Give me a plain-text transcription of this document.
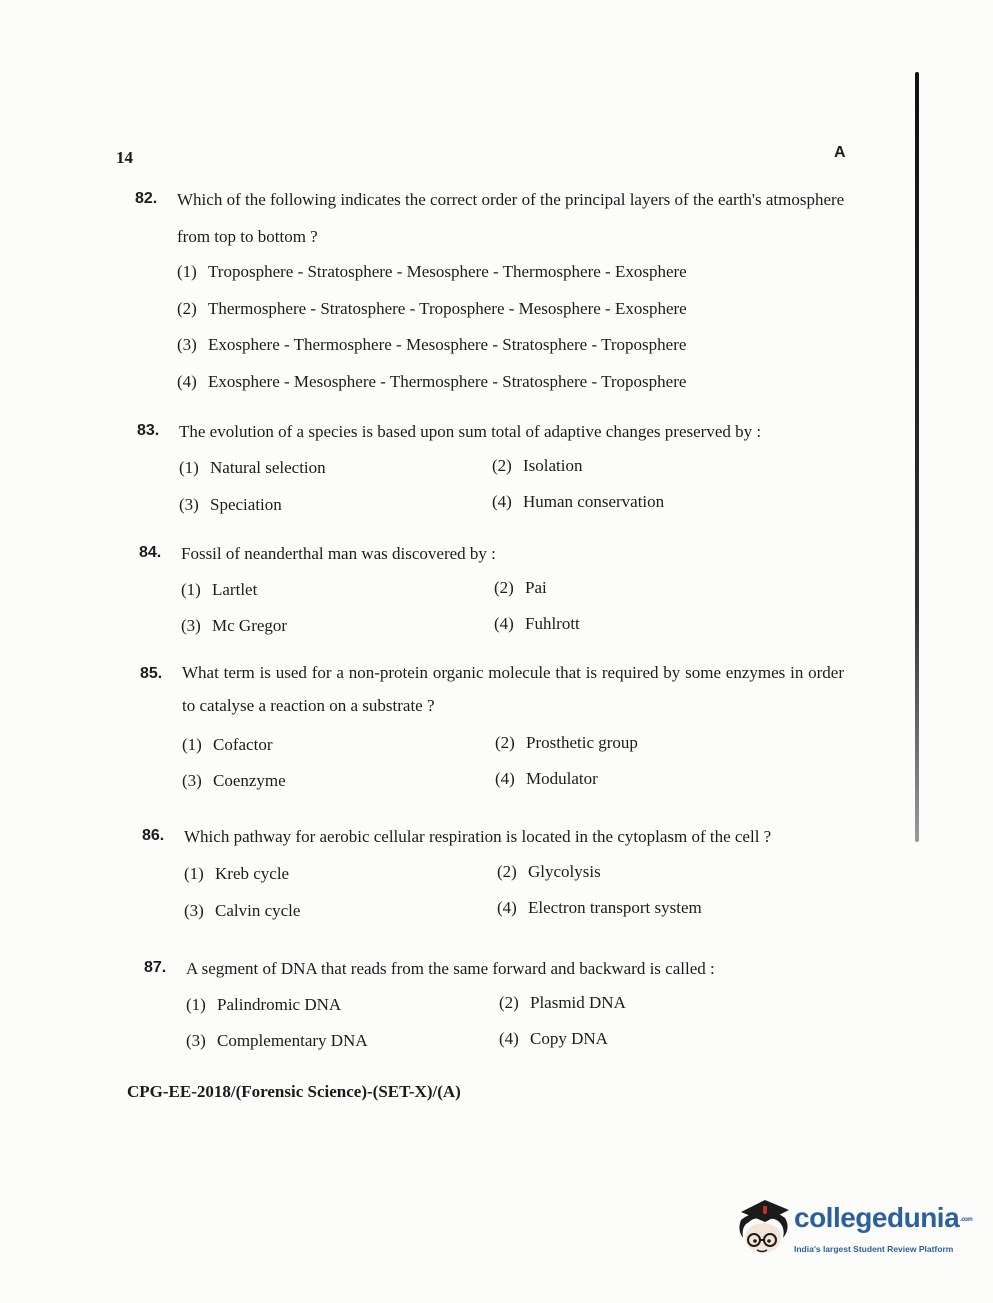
14	A
82. Which of the following indicates the correct order of the principal layers of the earth's atmosphere from top to bottom ?
(1) Troposphere - Stratosphere - Mesosphere - Thermosphere - Exosphere
(2) Thermosphere - Stratosphere - Troposphere - Mesosphere - Exosphere
(3) Exosphere - Thermosphere - Mesosphere - Stratosphere - Troposphere
(4) Exosphere - Mesosphere - Thermosphere - Stratosphere - Troposphere
83. The evolution of a species is based upon sum total of adaptive changes preserved by :
(1) Natural selection	(2) Isolation
(3) Speciation	(4) Human conservation
84. Fossil of neanderthal man was discovered by :
(1) Lartlet	(2) Pai
(3) Mc Gregor	(4) Fuhlrott
85. What term is used for a non-protein organic molecule that is required by some enzymes in order to catalyse a reaction on a substrate ?
(1) Cofactor	(2) Prosthetic group
(3) Coenzyme	(4) Modulator
86. Which pathway for aerobic cellular respiration is located in the cytoplasm of the cell ?
(1) Kreb cycle	(2) Glycolysis
(3) Calvin cycle	(4) Electron transport system
87. A segment of DNA that reads from the same forward and backward is called :
(1) Palindromic DNA	(2) Plasmid DNA
(3) Complementary DNA	(4) Copy DNA
CPG-EE-2018/(Forensic Science)-(SET-X)/(A)
collegedunia.com
India's largest Student Review Platform
